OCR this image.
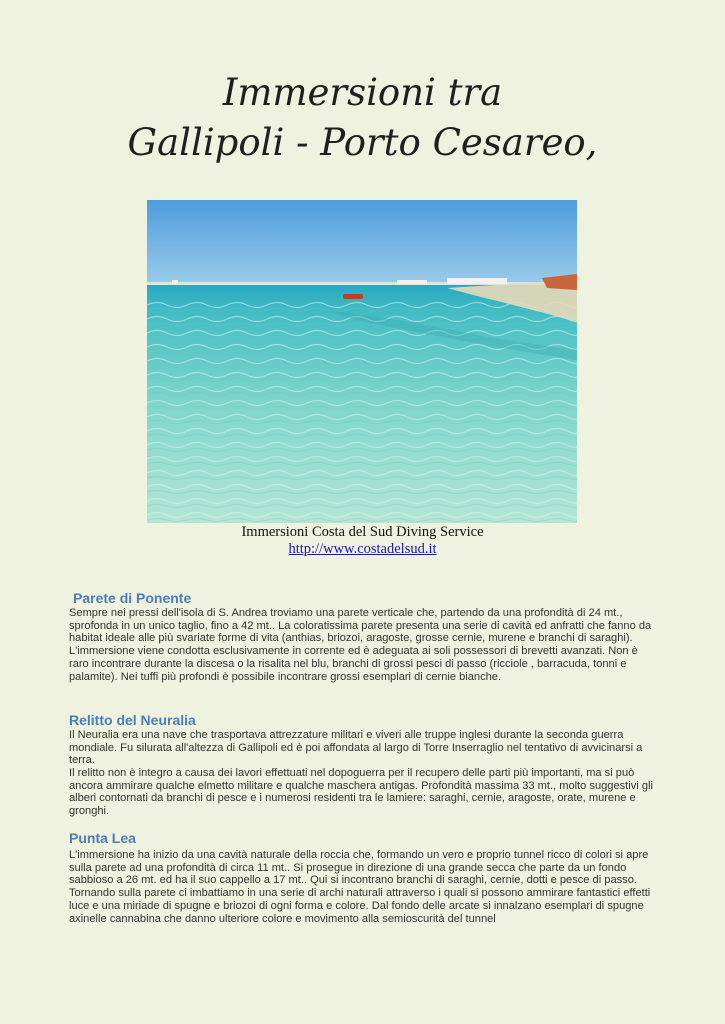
Immersioni tra
Gallipoli - Porto Cesareo,
Immersioni Costa del Sud Diving Service
http://www.costadelsud.it
Parete di Ponente

Sempre nei pressi dell'isola di S. Andrea troviamo una parete verticale che, partendo da una profondità di 24 mt., sprofonda in un unico taglio, fino a 42 mt.. La coloratissima parete presenta una serie di cavità ed anfratti che fanno da habitat ideale alle più svariate forme di vita (anthias, briozoi, aragoste, grosse cernie, murene e branchi di saraghi). L'immersione viene condotta esclusivamente in corrente ed è adeguata ai soli possessori di brevetti avanzati. Non è raro incontrare durante la discesa o la risalita nel blu, branchi di grossi pesci di passo (ricciole , barracuda, tonni e palamite). Nei tuffi più profondi è possibile incontrare grossi esemplari di cernie bianche.

Relitto del Neuralia

Il Neuralia era una nave che trasportava attrezzature militari e viveri alle truppe inglesi durante la seconda guerra mondiale. Fu silurata all'altezza di Gallipoli ed è poi affondata al largo di Torre Inserraglio nel tentativo di avvicinarsi a terra.

Il relitto non è integro a causa dei lavori effettuati nel dopoguerra per il recupero delle parti più importanti, ma si può ancora ammirare qualche elmetto militare e qualche maschera antigas. Profondità massima 33 mt., molto suggestivi gli alberi contornati da branchi di pesce e i numerosi residenti tra le lamiere: saraghi, cernie, aragoste, orate, murene e gronghi.

Punta Lea

L'immersione ha inizio da una cavità naturale della roccia che, formando un vero e proprio tunnel ricco di colori si apre sulla parete ad una profondità di circa 11 mt.. Si prosegue in direzione di una grande secca che parte da un fondo sabbioso a 26 mt. ed ha il suo cappello a 17 mt.. Qui si incontrano branchi di saraghi, cernie, dotti e pesce di passo. Tornando sulla parete ci imbattiamo in una serie di archi naturali attraverso i quali si possono ammirare fantastici effetti luce e una miriade di spugne e briozoi di ogni forma e colore. Dal fondo delle arcate si innalzano esemplari di spugne axinelle cannabina che danno ulteriore colore e movimento alla semioscurità del tunnel
